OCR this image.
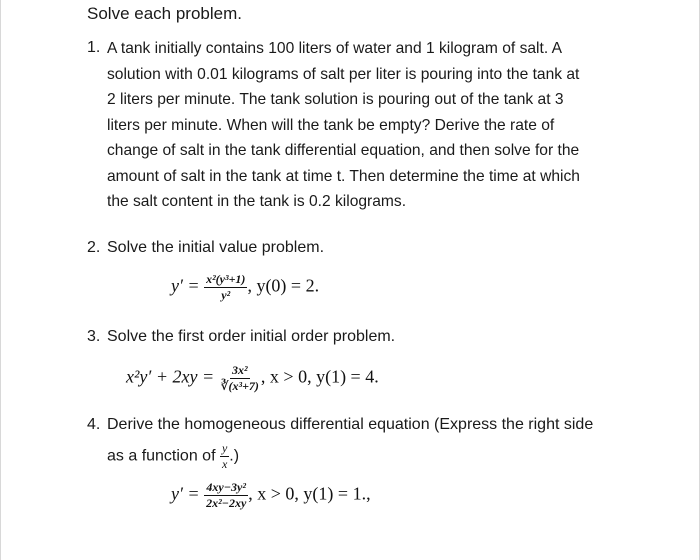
Solve each problem.
1. A tank initially contains 100 liters of water and 1 kilogram of salt. A
solution with 0.01 kilograms of salt per liter is pouring into the tank at
2 liters per minute. The tank solution is pouring out of the tank at 3
liters per minute. When will the tank be empty? Derive the rate of
change of salt in the tank differential equation, and then solve for the
amount of salt in the tank at time t. Then determine the time at which
the salt content in the tank is 0.2 kilograms.
2. Solve the initial value problem.
$y' = \frac{\text{x²(y³+1)}}{\text{y²}}$ , y(0) = 2.
3. Solve the first order initial order problem.
$x^2y' + 2xy = \frac{\text{3x²}}{\text{∛(x³+7)}}$ , x > 0, y(1) = 4.
4. Derive the homogeneous differential equation (Express the right side
as a function of $\frac{y}{x}$ .)
$y' = \frac{\text{4xy−3y²}}{\text{2x²−2xy}}$ , x > 0, y(1) = 1.,
